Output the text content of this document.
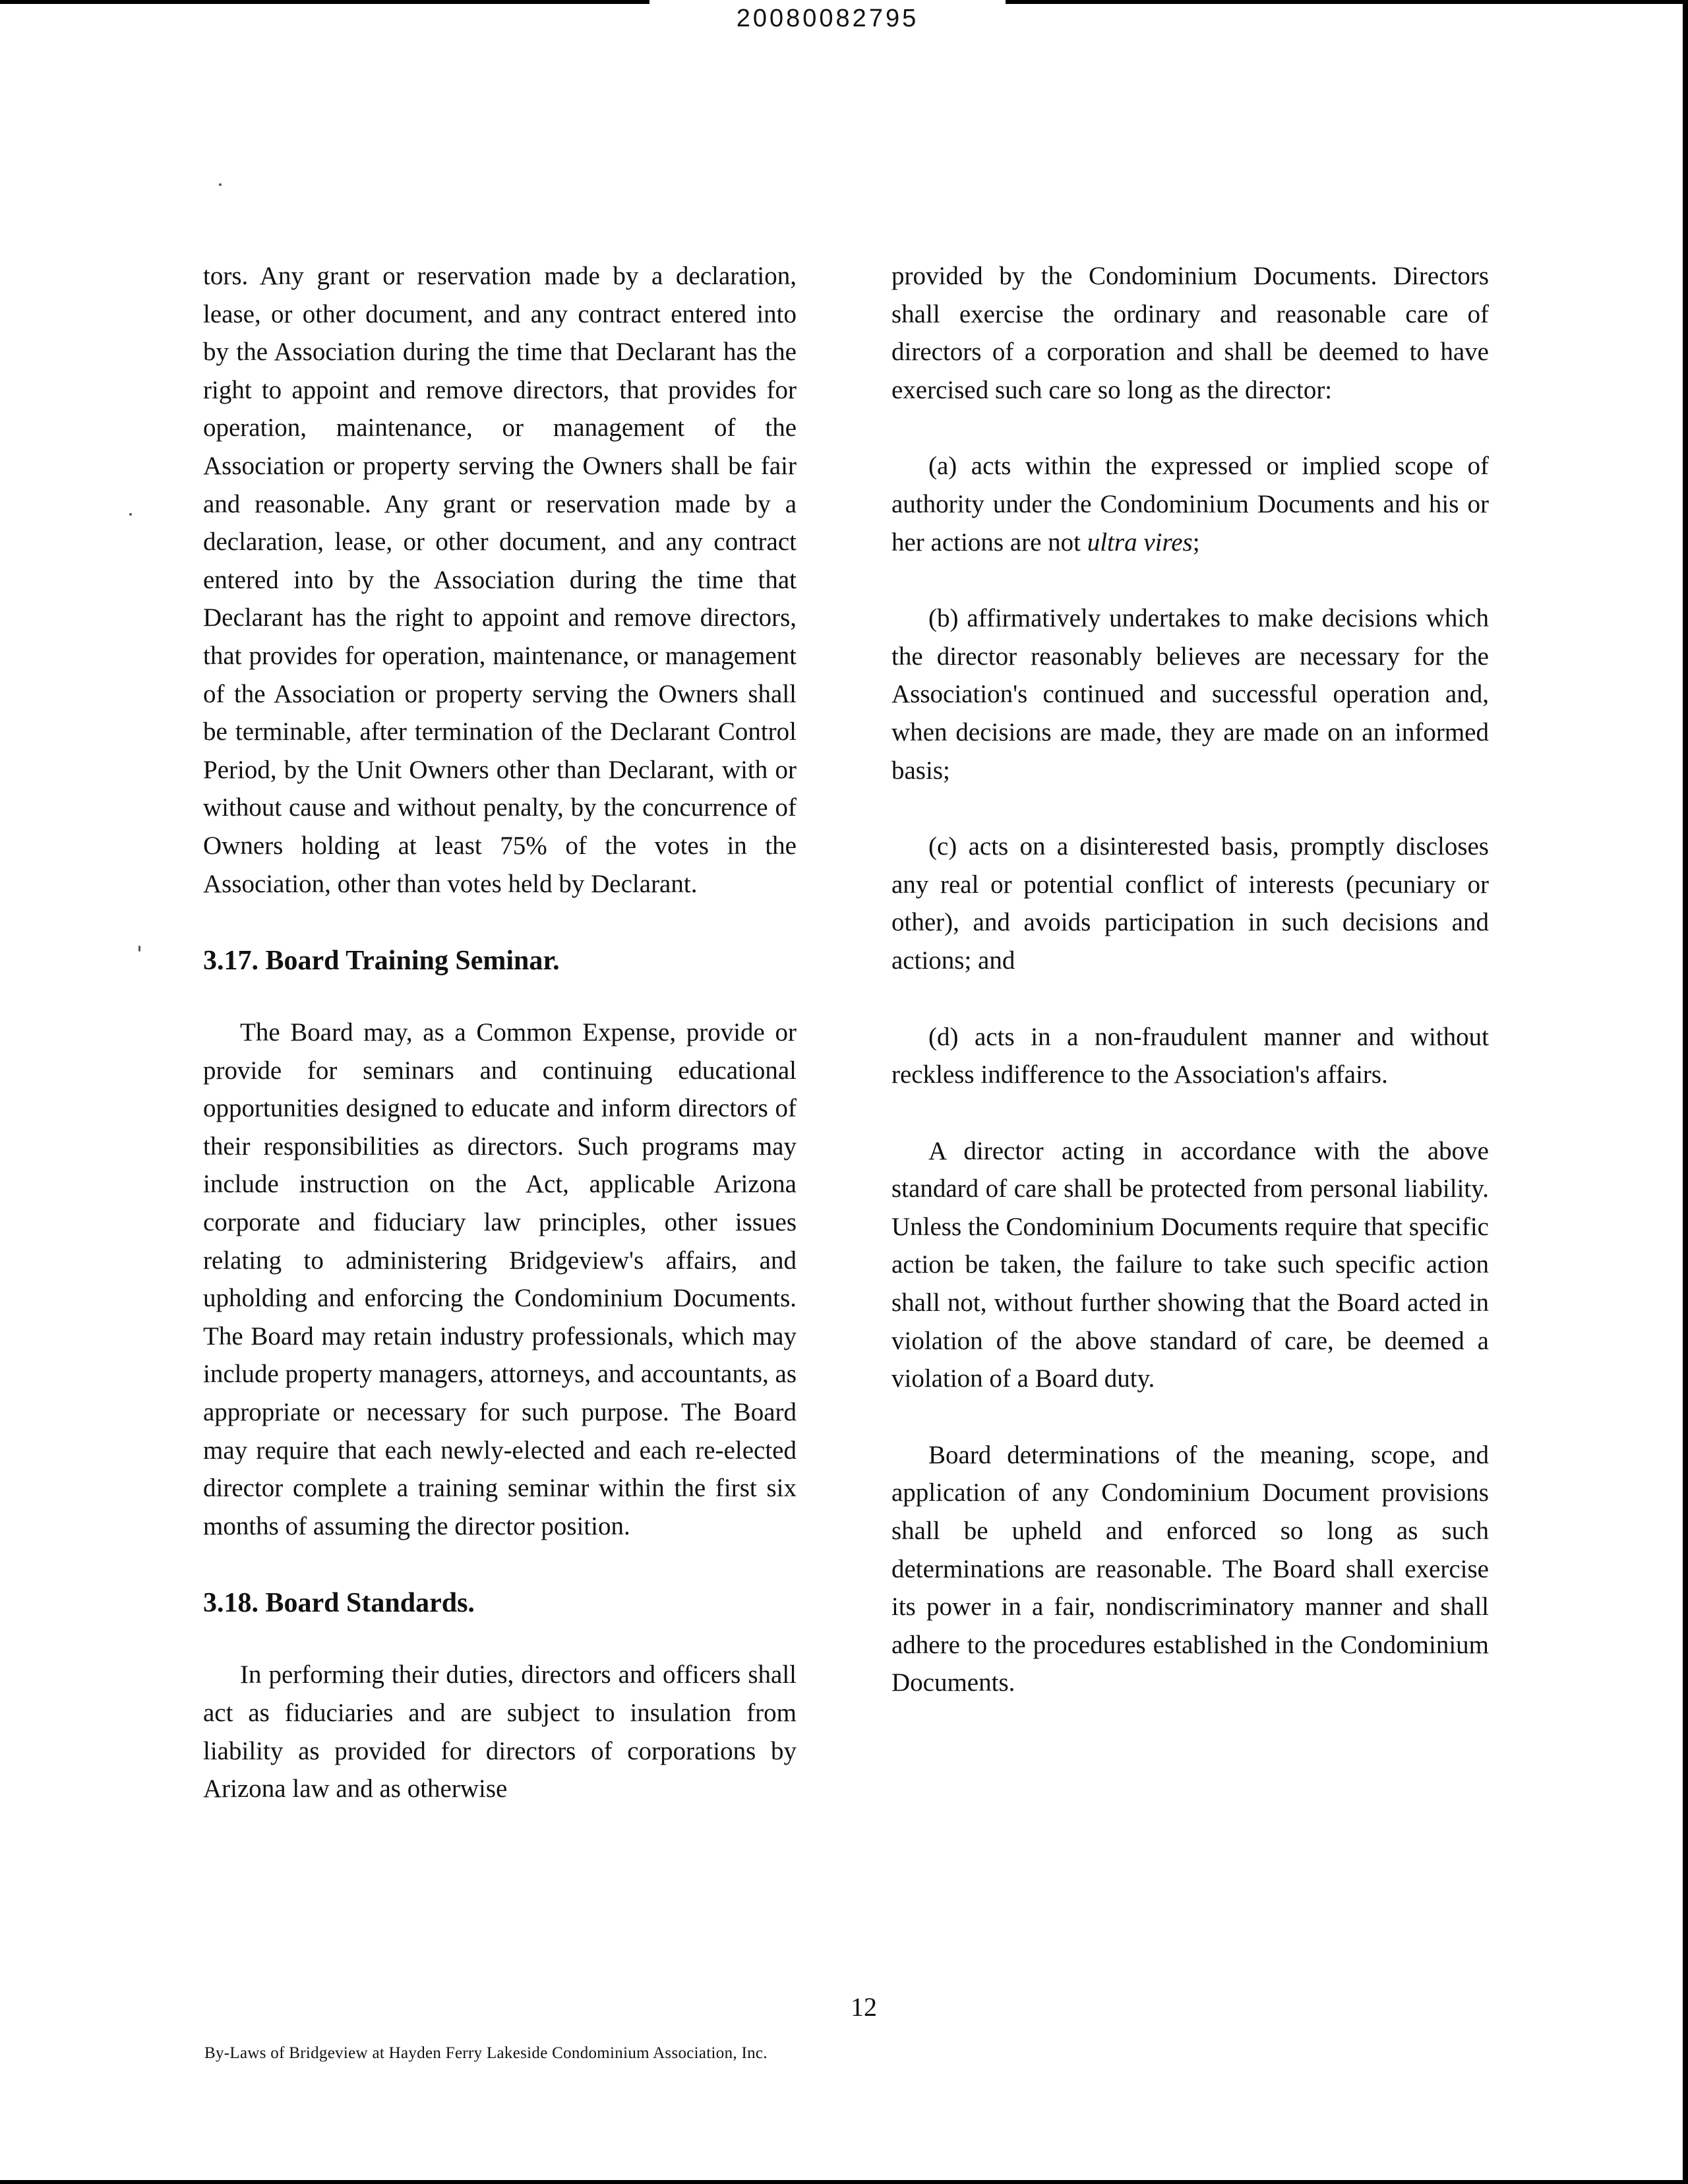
20080082795

tors. Any grant or reservation made by a declaration, lease, or other document, and any contract entered into by the Association during the time that Declarant has the right to appoint and remove directors, that provides for operation, maintenance, or management of the Association or property serving the Owners shall be fair and reasonable. Any grant or reservation made by a declaration, lease, or other document, and any contract entered into by the Association during the time that Declarant has the right to appoint and remove directors, that provides for operation, maintenance, or management of the Association or property serving the Owners shall be terminable, after termination of the Declarant Control Period, by the Unit Owners other than Declarant, with or without cause and without penalty, by the concurrence of Owners holding at least 75% of the votes in the Association, other than votes held by Declarant.

3.17. Board Training Seminar.

The Board may, as a Common Expense, provide or provide for seminars and continuing educational opportunities designed to educate and inform directors of their responsibilities as directors. Such programs may include instruction on the Act, applicable Arizona corporate and fiduciary law principles, other issues relating to administering Bridgeview's affairs, and upholding and enforcing the Condominium Documents. The Board may retain industry professionals, which may include property managers, attorneys, and accountants, as appropriate or necessary for such purpose. The Board may require that each newly-elected and each re-elected director complete a training seminar within the first six months of assuming the director position.

3.18. Board Standards.

In performing their duties, directors and officers shall act as fiduciaries and are subject to insulation from liability as provided for directors of corporations by Arizona law and as otherwise

provided by the Condominium Documents. Directors shall exercise the ordinary and reasonable care of directors of a corporation and shall be deemed to have exercised such care so long as the director:

(a) acts within the expressed or implied scope of authority under the Condominium Documents and his or her actions are not ultra vires;

(b) affirmatively undertakes to make decisions which the director reasonably believes are necessary for the Association's continued and successful operation and, when decisions are made, they are made on an informed basis;

(c) acts on a disinterested basis, promptly discloses any real or potential conflict of interests (pecuniary or other), and avoids participation in such decisions and actions; and

(d) acts in a non-fraudulent manner and without reckless indifference to the Association's affairs.

A director acting in accordance with the above standard of care shall be protected from personal liability. Unless the Condominium Documents require that specific action be taken, the failure to take such specific action shall not, without further showing that the Board acted in violation of the above standard of care, be deemed a violation of a Board duty.

Board determinations of the meaning, scope, and application of any Condominium Document provisions shall be upheld and enforced so long as such determinations are reasonable. The Board shall exercise its power in a fair, nondiscriminatory manner and shall adhere to the procedures established in the Condominium Documents.

12
By-Laws of Bridgeview at Hayden Ferry Lakeside Condominium Association, Inc.
